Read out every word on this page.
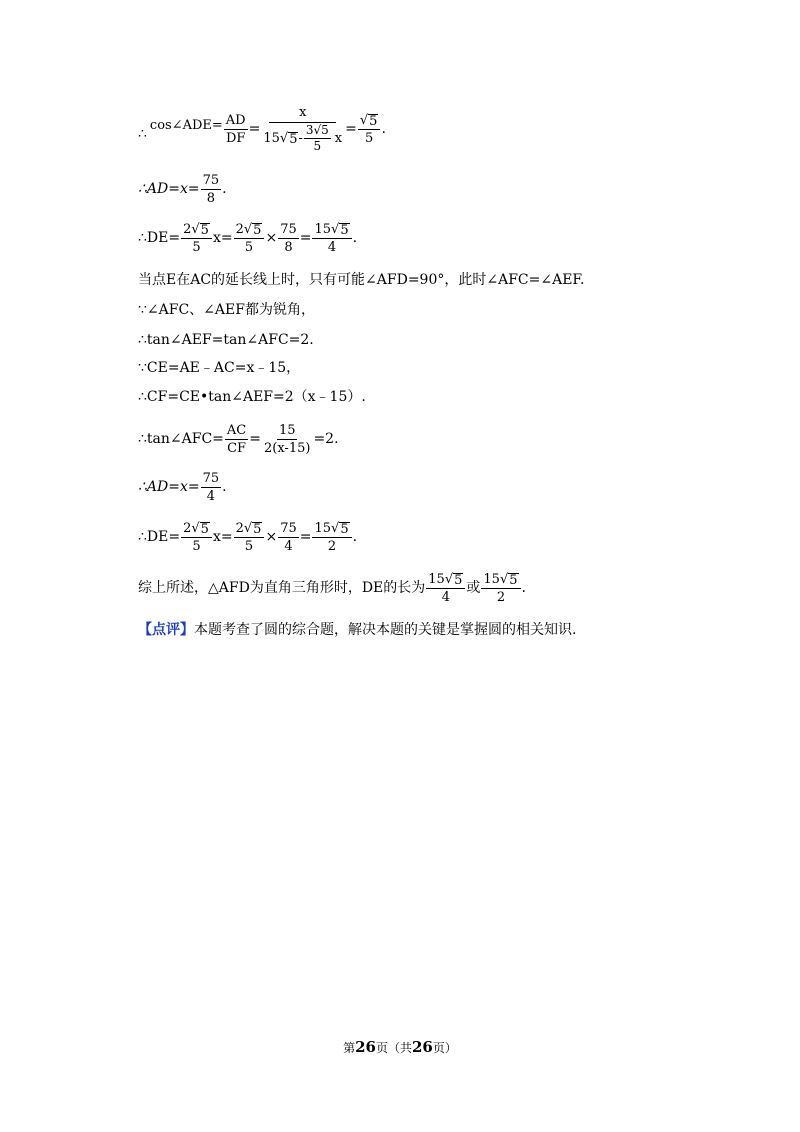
∴
cos∠ADE= $\frac{AD}{DF}$ =
x
15 √ $5 - \frac{3√5}{5}$ x
= $\frac{√ 5}{5}$ .
∴AD=x= $\frac{75}{8}$ .
∴DE= $\frac{2 √ 5}{5} x= \frac{2 √ 5}{5} \times \frac{75}{8} = \frac{15 √ 5}{4}$ .
当点E在AC的延长线上时，只有可能∠AFD=90°，此时∠AFC=∠AEF.
∵∠AFC、∠AEF都为锐角，
∴tan∠AEF=tan∠AFC=2.
∵CE=AE﹣AC=x﹣15，
∴CF=CE•tan∠AEF=2（x﹣15）.
∴tan∠AFC= $\frac{AC}{CF} = \frac{15}{2(x-15)} =2$.
∴AD=x= $\frac{75}{4}$ .
∴DE= $\frac{2 √ 5}{5} x= \frac{2 √ 5}{5} \times \frac{75}{4} = \frac{15 √ 5}{2}$ .
综上所述，△AFD为直角三角形时，DE的长为 $\frac{15 √ 5}{4}$ 或 $\frac{15 √ 5}{2}$ .
【点评】 本题考查了圆的综合题，解决本题的关键是掌握圆的相关知识.
第26页（共26页）
